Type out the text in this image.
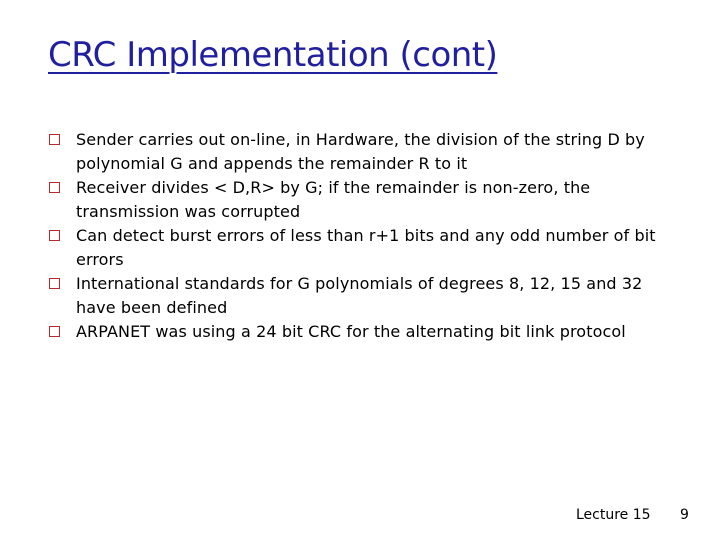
CRC Implementation (cont)
Sender carries out on-line, in Hardware, the division of the string D by polynomial G and appends the remainder R to it
Receiver divides < D,R> by G; if the remainder is non-zero, the transmission was corrupted
Can detect burst errors of less than r+1 bits and any odd number of bit errors
International standards for G polynomials of degrees 8, 12, 15 and 32 have been defined
ARPANET was using a 24 bit CRC for the alternating bit link protocol
Lecture 15 9
